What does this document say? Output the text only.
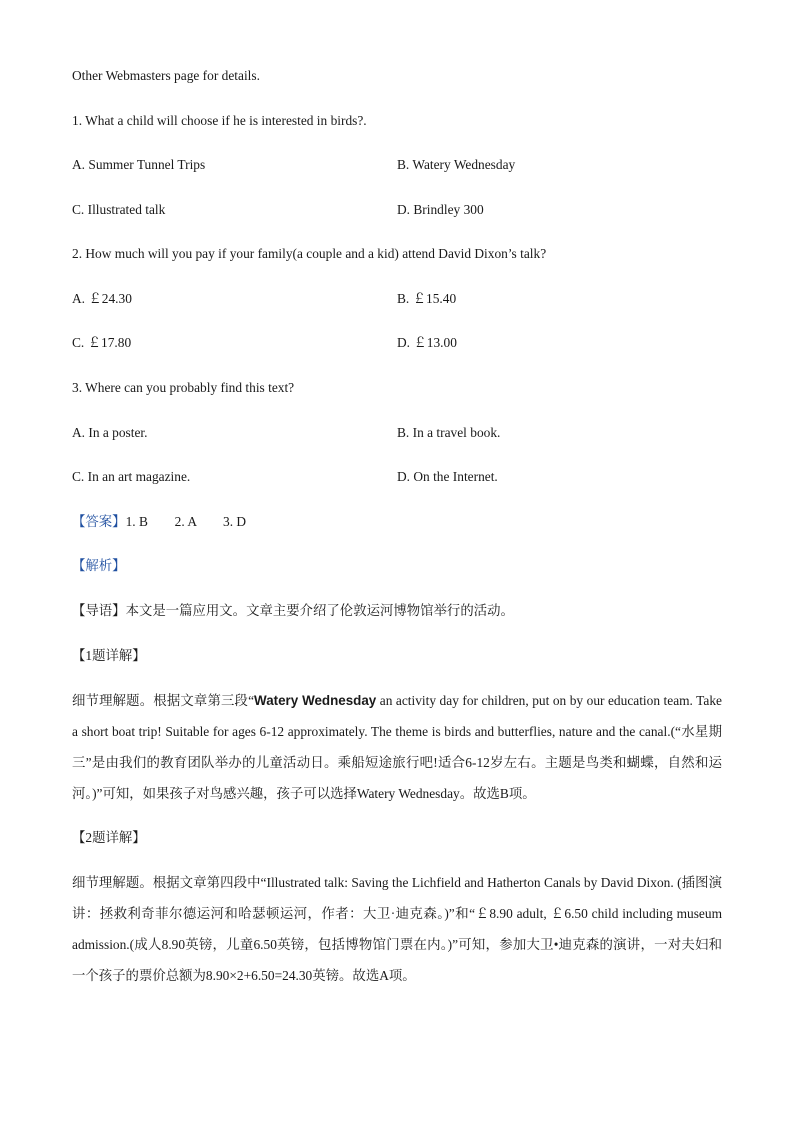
Other Webmasters page for details.
1. What a child will choose if he is interested in birds?.
A. Summer Tunnel Trips	B. Watery Wednesday
C. Illustrated talk	D. Brindley 300
2. How much will you pay if your family(a couple and a kid) attend David Dixon’s talk?
A. ￡24.30	B. ￡15.40
C. ￡17.80	D. ￡13.00
3. Where can you probably find this text?
A. In a poster.	B. In a travel book.
C. In an art magazine.	D. On the Internet.
【答案】1. B        2. A        3. D
【解析】
【导语】本文是一篇应用文。文章主要介绍了伦敦运河博物馆举行的活动。
【1题详解】
细节理解题。根据文章第三段“Watery Wednesday an activity day for children, put on by our education team. Take a short boat trip! Suitable for ages 6-12 approximately. The theme is birds and butterflies, nature and the canal.(“水星期三”是由我们的教育团队举办的儿童活动日。乘船短途旅行吧!适合6-12岁左右。主题是鸟类和蝴蝶，自然和运河。)”可知，如果孩子对鸟感兴趣，孩子可以选择Watery Wednesday。故选B项。
【2题详解】
细节理解题。根据文章第四段中“Illustrated talk: Saving the Lichfield and Hatherton Canals by David Dixon. (插图演讲：拯救利奇菲尔德运河和哈瑟顿运河，作者：大卫·迪克森。)”和“￡8.90 adult, ￡6.50 child including museum admission.(成人8.90英镑，儿童6.50英镑，包括博物馆门票在内。)”可知，参加大卫•迪克森的演讲，一对夫妇和一个孩子的票价总额为8.90×2+6.50=24.30英镑。故选A项。
